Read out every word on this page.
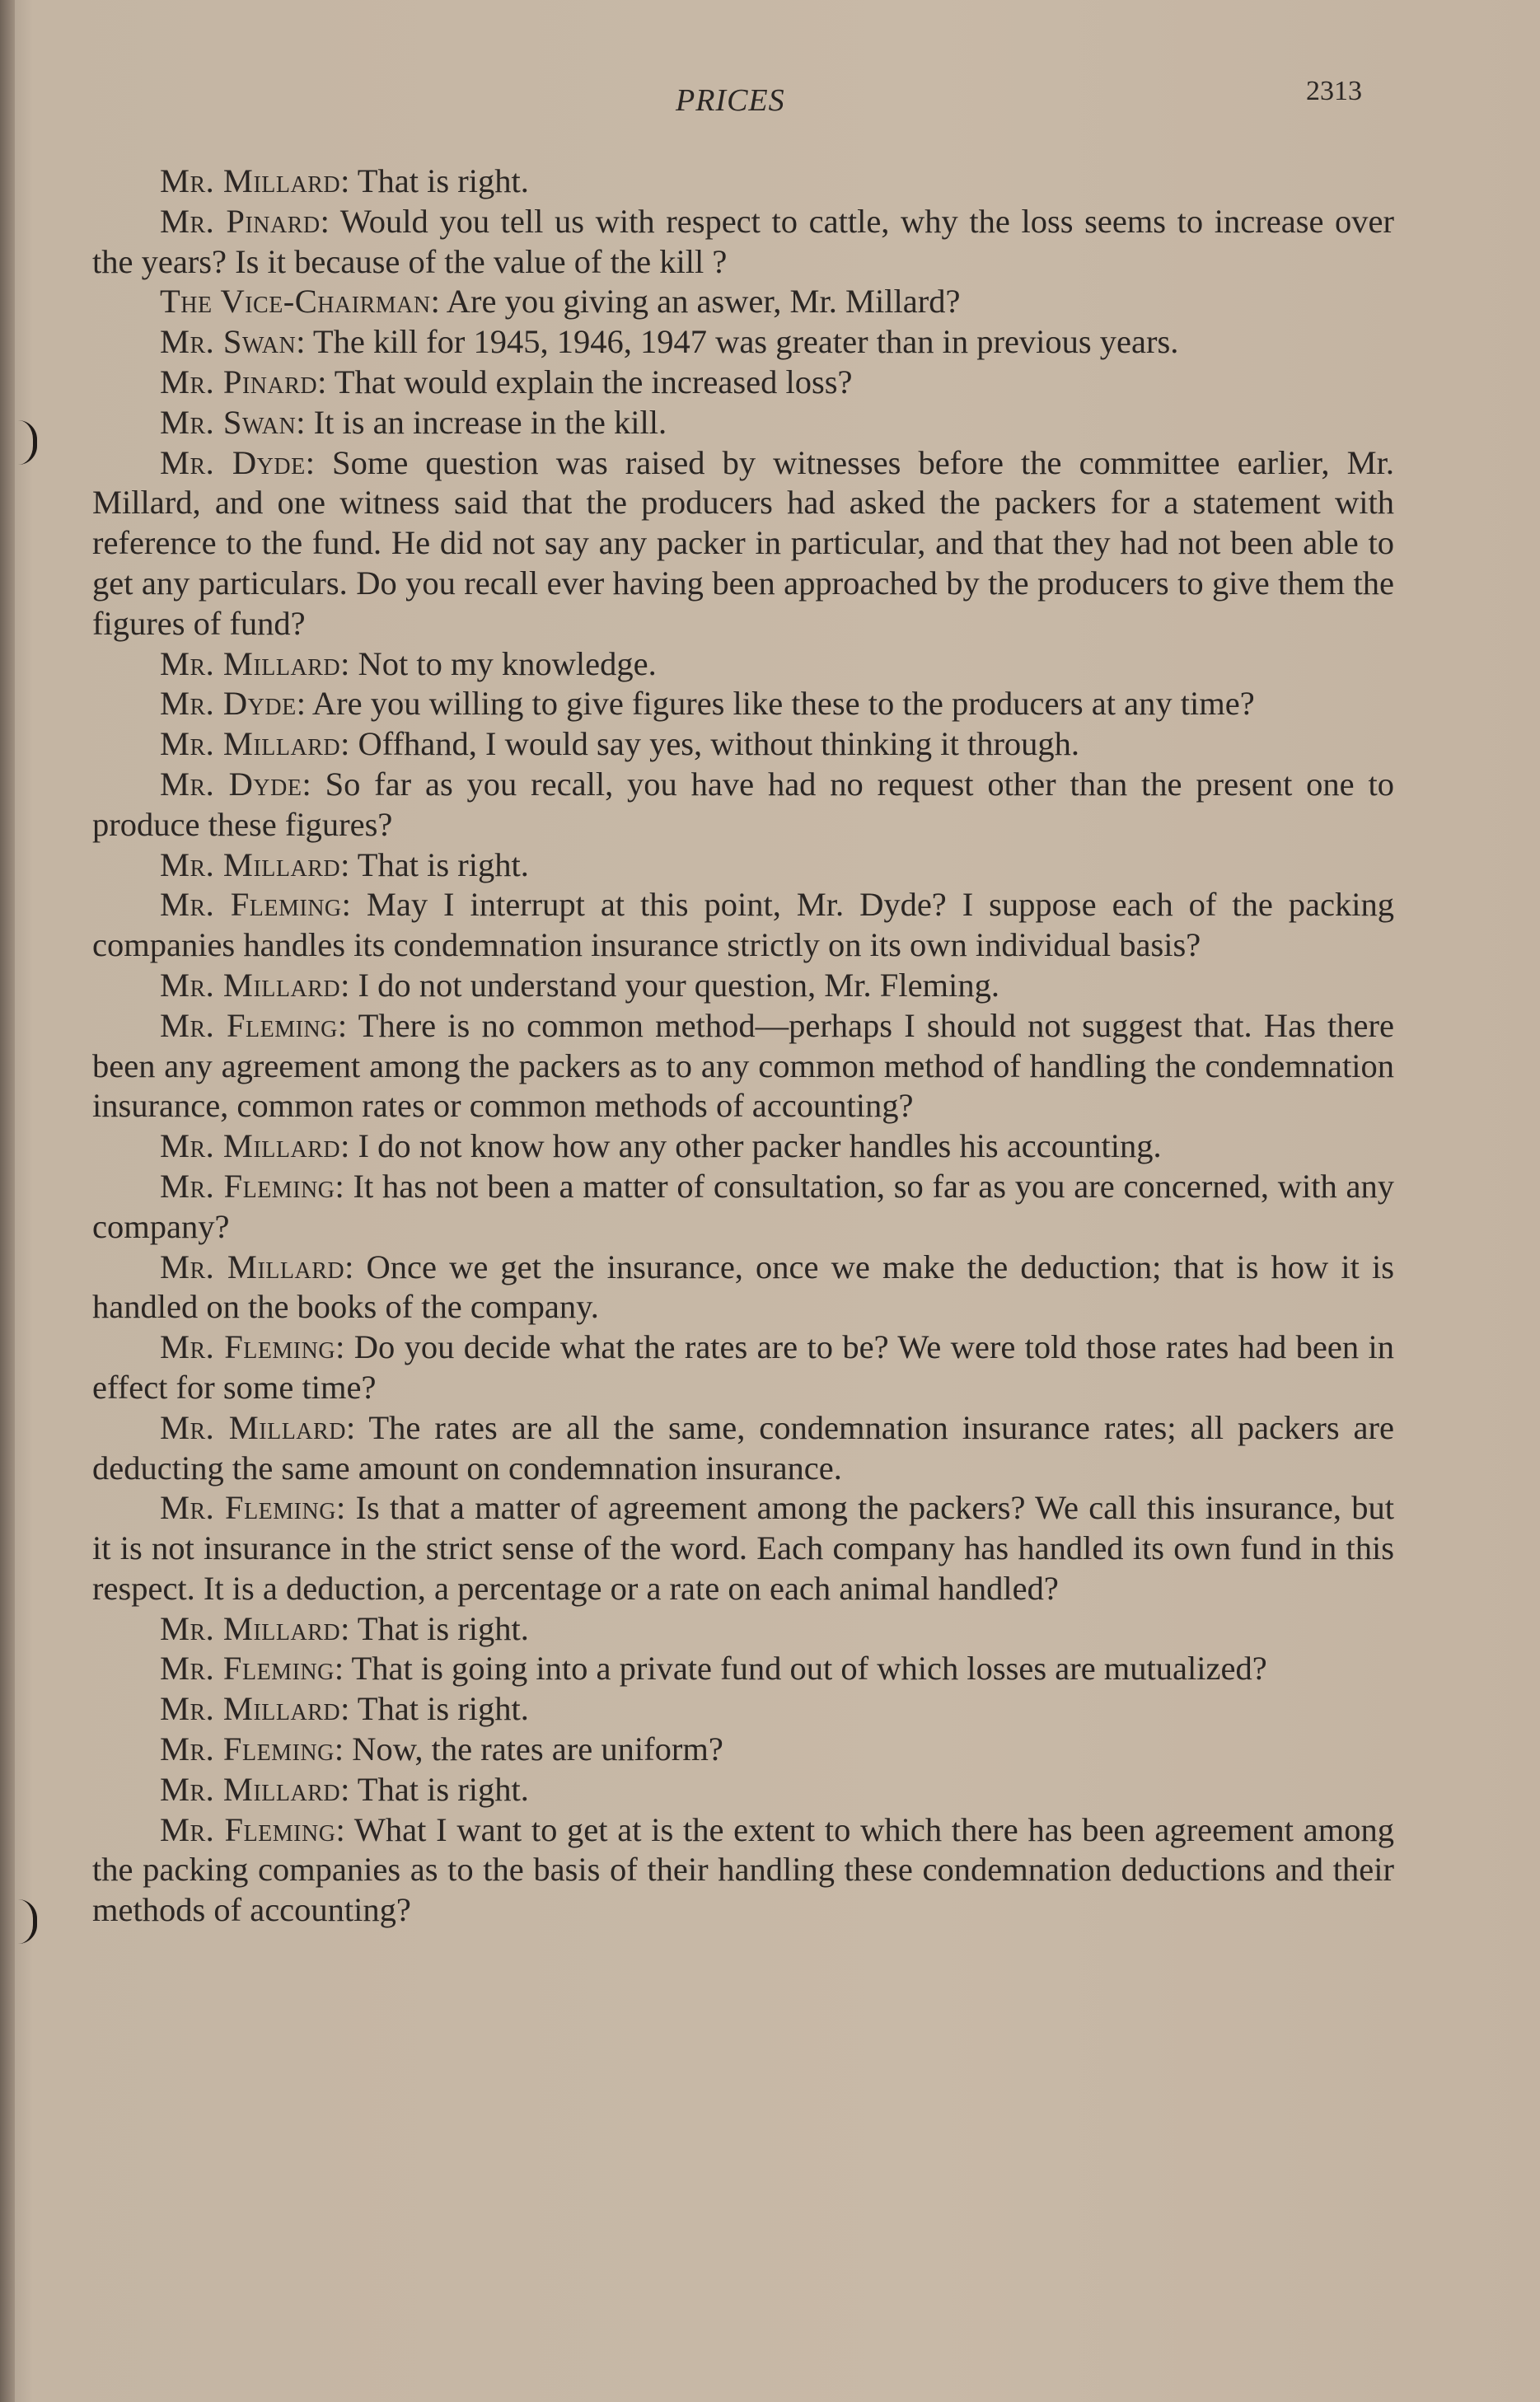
PRICES	2313

Mr. Millard: That is right.

Mr. Pinard: Would you tell us with respect to cattle, why the loss seems to increase over the years? Is it because of the value of the kill ?

The Vice-Chairman: Are you giving an aswer, Mr. Millard?

Mr. Swan: The kill for 1945, 1946, 1947 was greater than in previous years.

Mr. Pinard: That would explain the increased loss?

Mr. Swan: It is an increase in the kill.

Mr. Dyde: Some question was raised by witnesses before the committee earlier, Mr. Millard, and one witness said that the producers had asked the packers for a statement with reference to the fund. He did not say any packer in particular, and that they had not been able to get any particulars. Do you recall ever having been approached by the producers to give them the figures of fund?

Mr. Millard: Not to my knowledge.

Mr. Dyde: Are you willing to give figures like these to the producers at any time?

Mr. Millard: Offhand, I would say yes, without thinking it through.

Mr. Dyde: So far as you recall, you have had no request other than the present one to produce these figures?

Mr. Millard: That is right.

Mr. Fleming: May I interrupt at this point, Mr. Dyde? I suppose each of the packing companies handles its condemnation insurance strictly on its own individual basis?

Mr. Millard: I do not understand your question, Mr. Fleming.

Mr. Fleming: There is no common method—perhaps I should not suggest that. Has there been any agreement among the packers as to any common method of handling the condemnation insurance, common rates or common methods of accounting?

Mr. Millard: I do not know how any other packer handles his accounting.

Mr. Fleming: It has not been a matter of consultation, so far as you are concerned, with any company?

Mr. Millard: Once we get the insurance, once we make the deduction; that is how it is handled on the books of the company.

Mr. Fleming: Do you decide what the rates are to be? We were told those rates had been in effect for some time?

Mr. Millard: The rates are all the same, condemnation insurance rates; all packers are deducting the same amount on condemnation insurance.

Mr. Fleming: Is that a matter of agreement among the packers? We call this insurance, but it is not insurance in the strict sense of the word. Each company has handled its own fund in this respect. It is a deduction, a percentage or a rate on each animal handled?

Mr. Millard: That is right.

Mr. Fleming: That is going into a private fund out of which losses are mutualized?

Mr. Millard: That is right.

Mr. Fleming: Now, the rates are uniform?

Mr. Millard: That is right.

Mr. Fleming: What I want to get at is the extent to which there has been agreement among the packing companies as to the basis of their handling these condemnation deductions and their methods of accounting?
